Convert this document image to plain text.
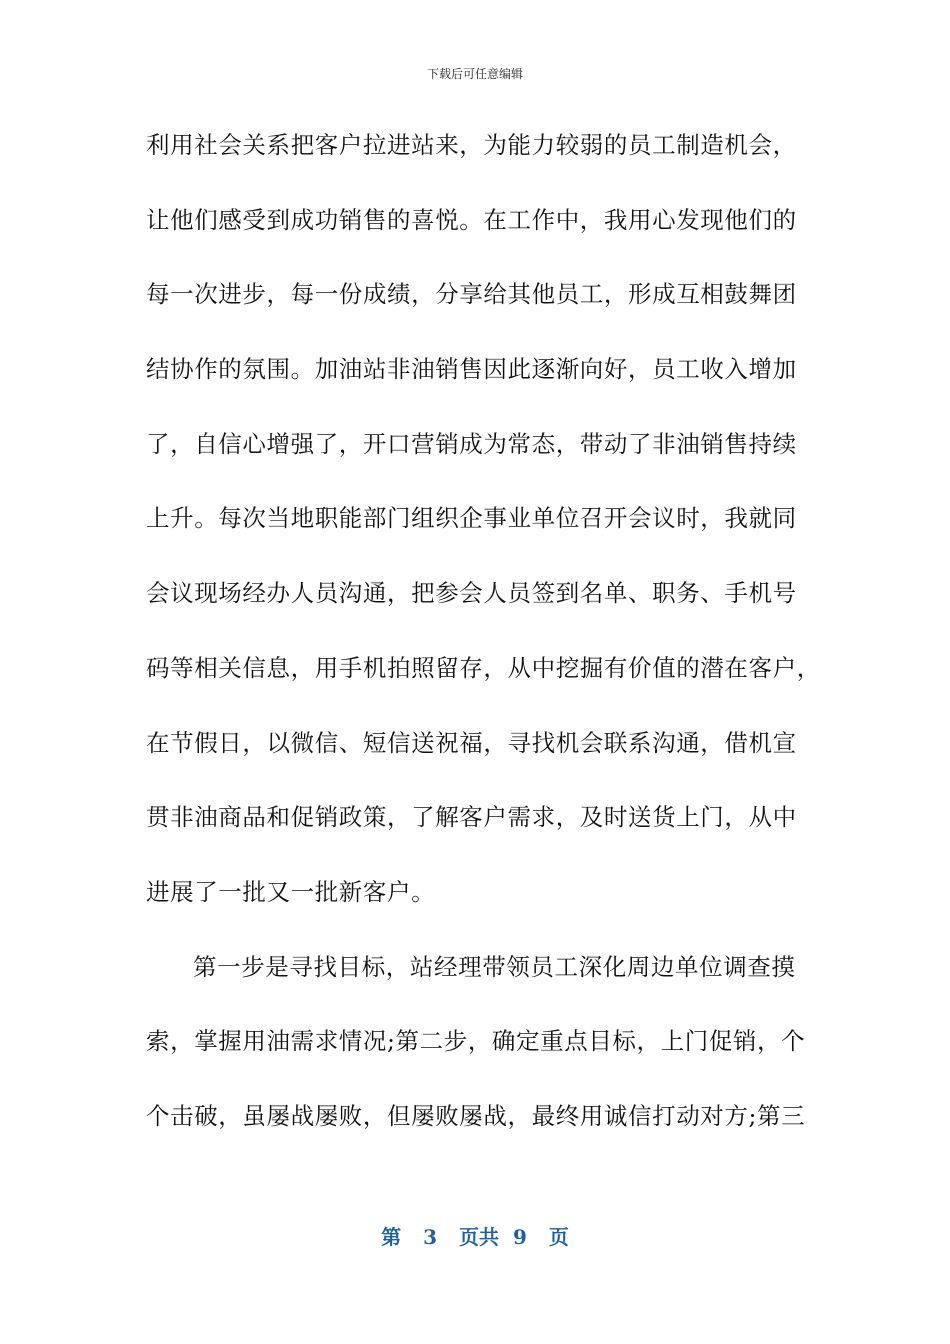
下载后可任意编辑
利用社会关系把客户拉进站来，为能力较弱的员工制造机会，
让他们感受到成功销售的喜悦。在工作中，我用心发现他们的
每一次进步，每一份成绩，分享给其他员工，形成互相鼓舞团
结协作的氛围。加油站非油销售因此逐渐向好，员工收入增加
了，自信心增强了，开口营销成为常态，带动了非油销售持续
上升。每次当地职能部门组织企事业单位召开会议时，我就同
会议现场经办人员沟通，把参会人员签到名单、职务、手机号
码等相关信息，用手机拍照留存，从中挖掘有价值的潜在客户，
在节假日，以微信、短信送祝福，寻找机会联系沟通，借机宣
贯非油商品和促销政策，了解客户需求，及时送货上门，从中
进展了一批又一批新客户。
第一步是寻找目标，站经理带领员工深化周边单位调查摸
索，掌握用油需求情况;第二步，确定重点目标，上门促销，个
个击破，虽屡战屡败，但屡败屡战，最终用诚信打动对方;第三
第 3 页共 9 页
